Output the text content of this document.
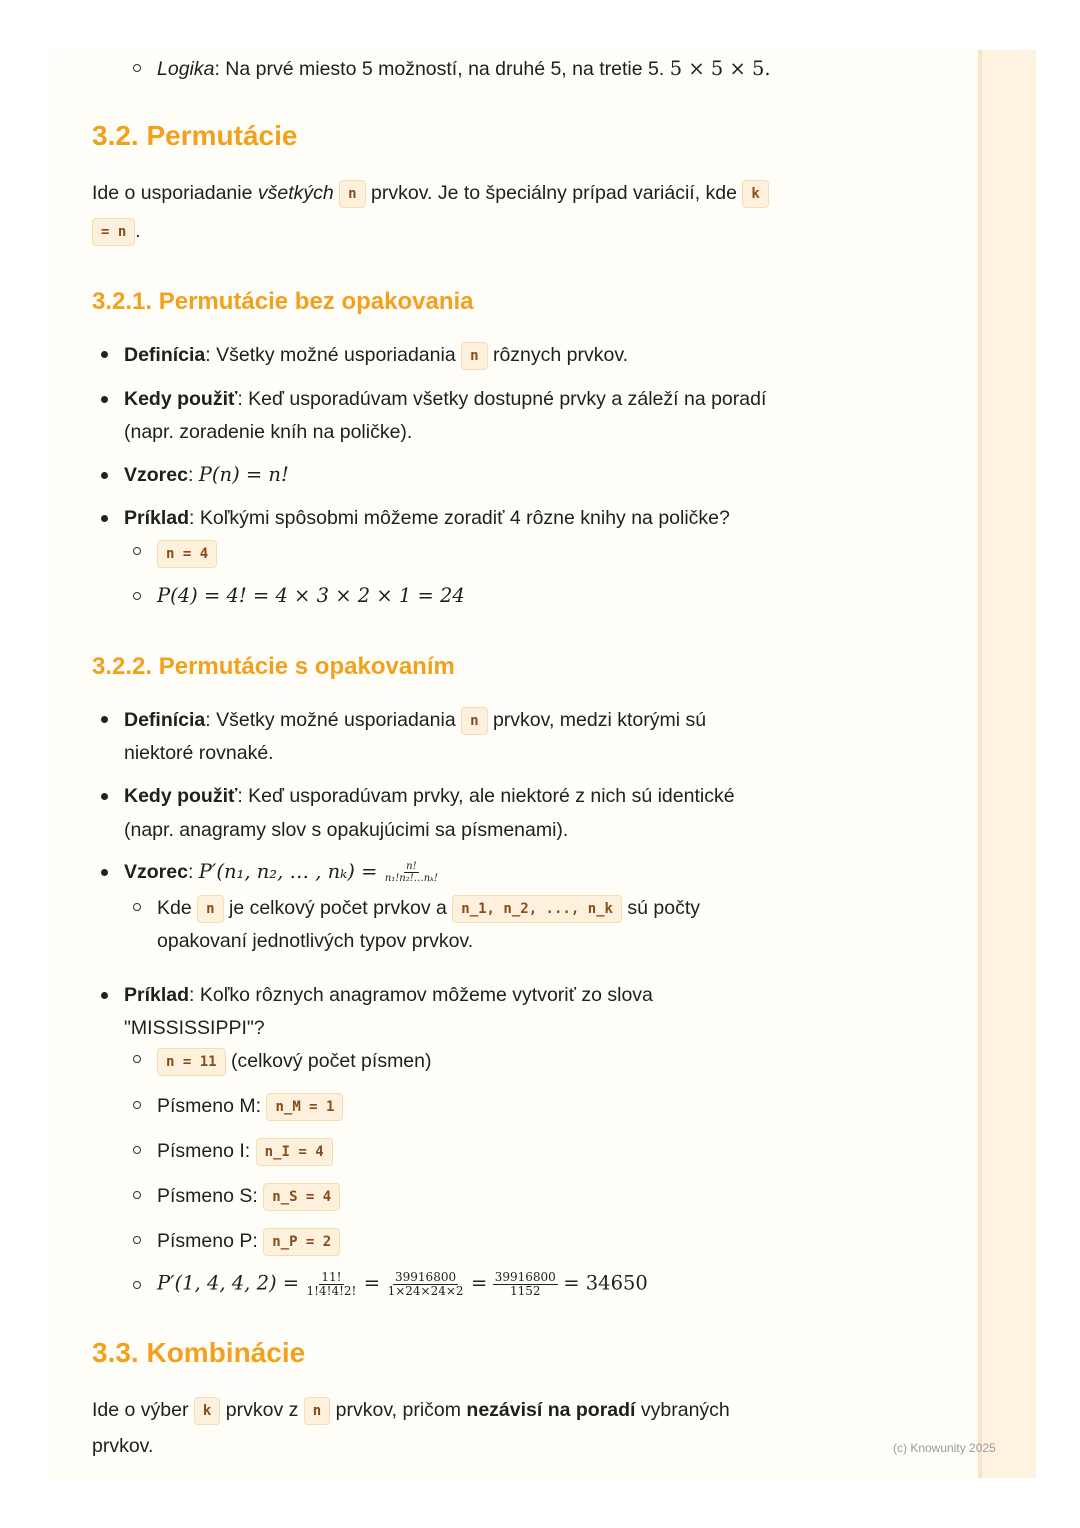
Logika: Na prvé miesto 5 možností, na druhé 5, na tretie 5. 5 × 5 × 5.
3.2. Permutácie
Ide o usporiadanie všetkých n prvkov. Je to špeciálny prípad variácií, kde k
= n .
3.2.1. Permutácie bez opakovania
Definícia: Všetky možné usporiadania n rôznych prvkov.
Kedy použiť: Keď usporadúvam všetky dostupné prvky a záleží na poradí
(napr. zoradenie kníh na poličke).
Vzorec: P(n) = n!
Príklad: Koľkými spôsobmi môžeme zoradiť 4 rôzne knihy na poličke?
n = 4
P(4) = 4! = 4 × 3 × 2 × 1 = 24
3.2.2. Permutácie s opakovaním
Definícia: Všetky možné usporiadania n prvkov, medzi ktorými sú
niektoré rovnaké.
Kedy použiť: Keď usporadúvam prvky, ale niektoré z nich sú identické
(napr. anagramy slov s opakujúcimi sa písmenami).
Vzorec: P′(n₁, n₂, … , $n_k) = \frac{n!}{\text{n₁!n₂!…nₖ!}}$
Kde n je celkový počet prvkov a n_1, n_2, ..., n_k sú počty
opakovaní jednotlivých typov prvkov.
Príklad: Koľko rôznych anagramov môžeme vytvoriť zo slova
"MISSISSIPPI"?
n = 11 (celkový počet písmen)
Písmeno M: n_M = 1
Písmeno I: n_I = 4
Písmeno S: n_S = 4
Písmeno P: n_P = 2
P′(1, 4, 4, $2) = \frac{11!}{1!4!4!2!} = \frac{39916800}{1\times 24\times 24\times 2} = \frac{39916800}{1152} = 34650$
3.3. Kombinácie
Ide o výber k prvkov z n prvkov, pričom nezávisí na poradí vybraných
prvkov.	(c) Knowunity 2025
